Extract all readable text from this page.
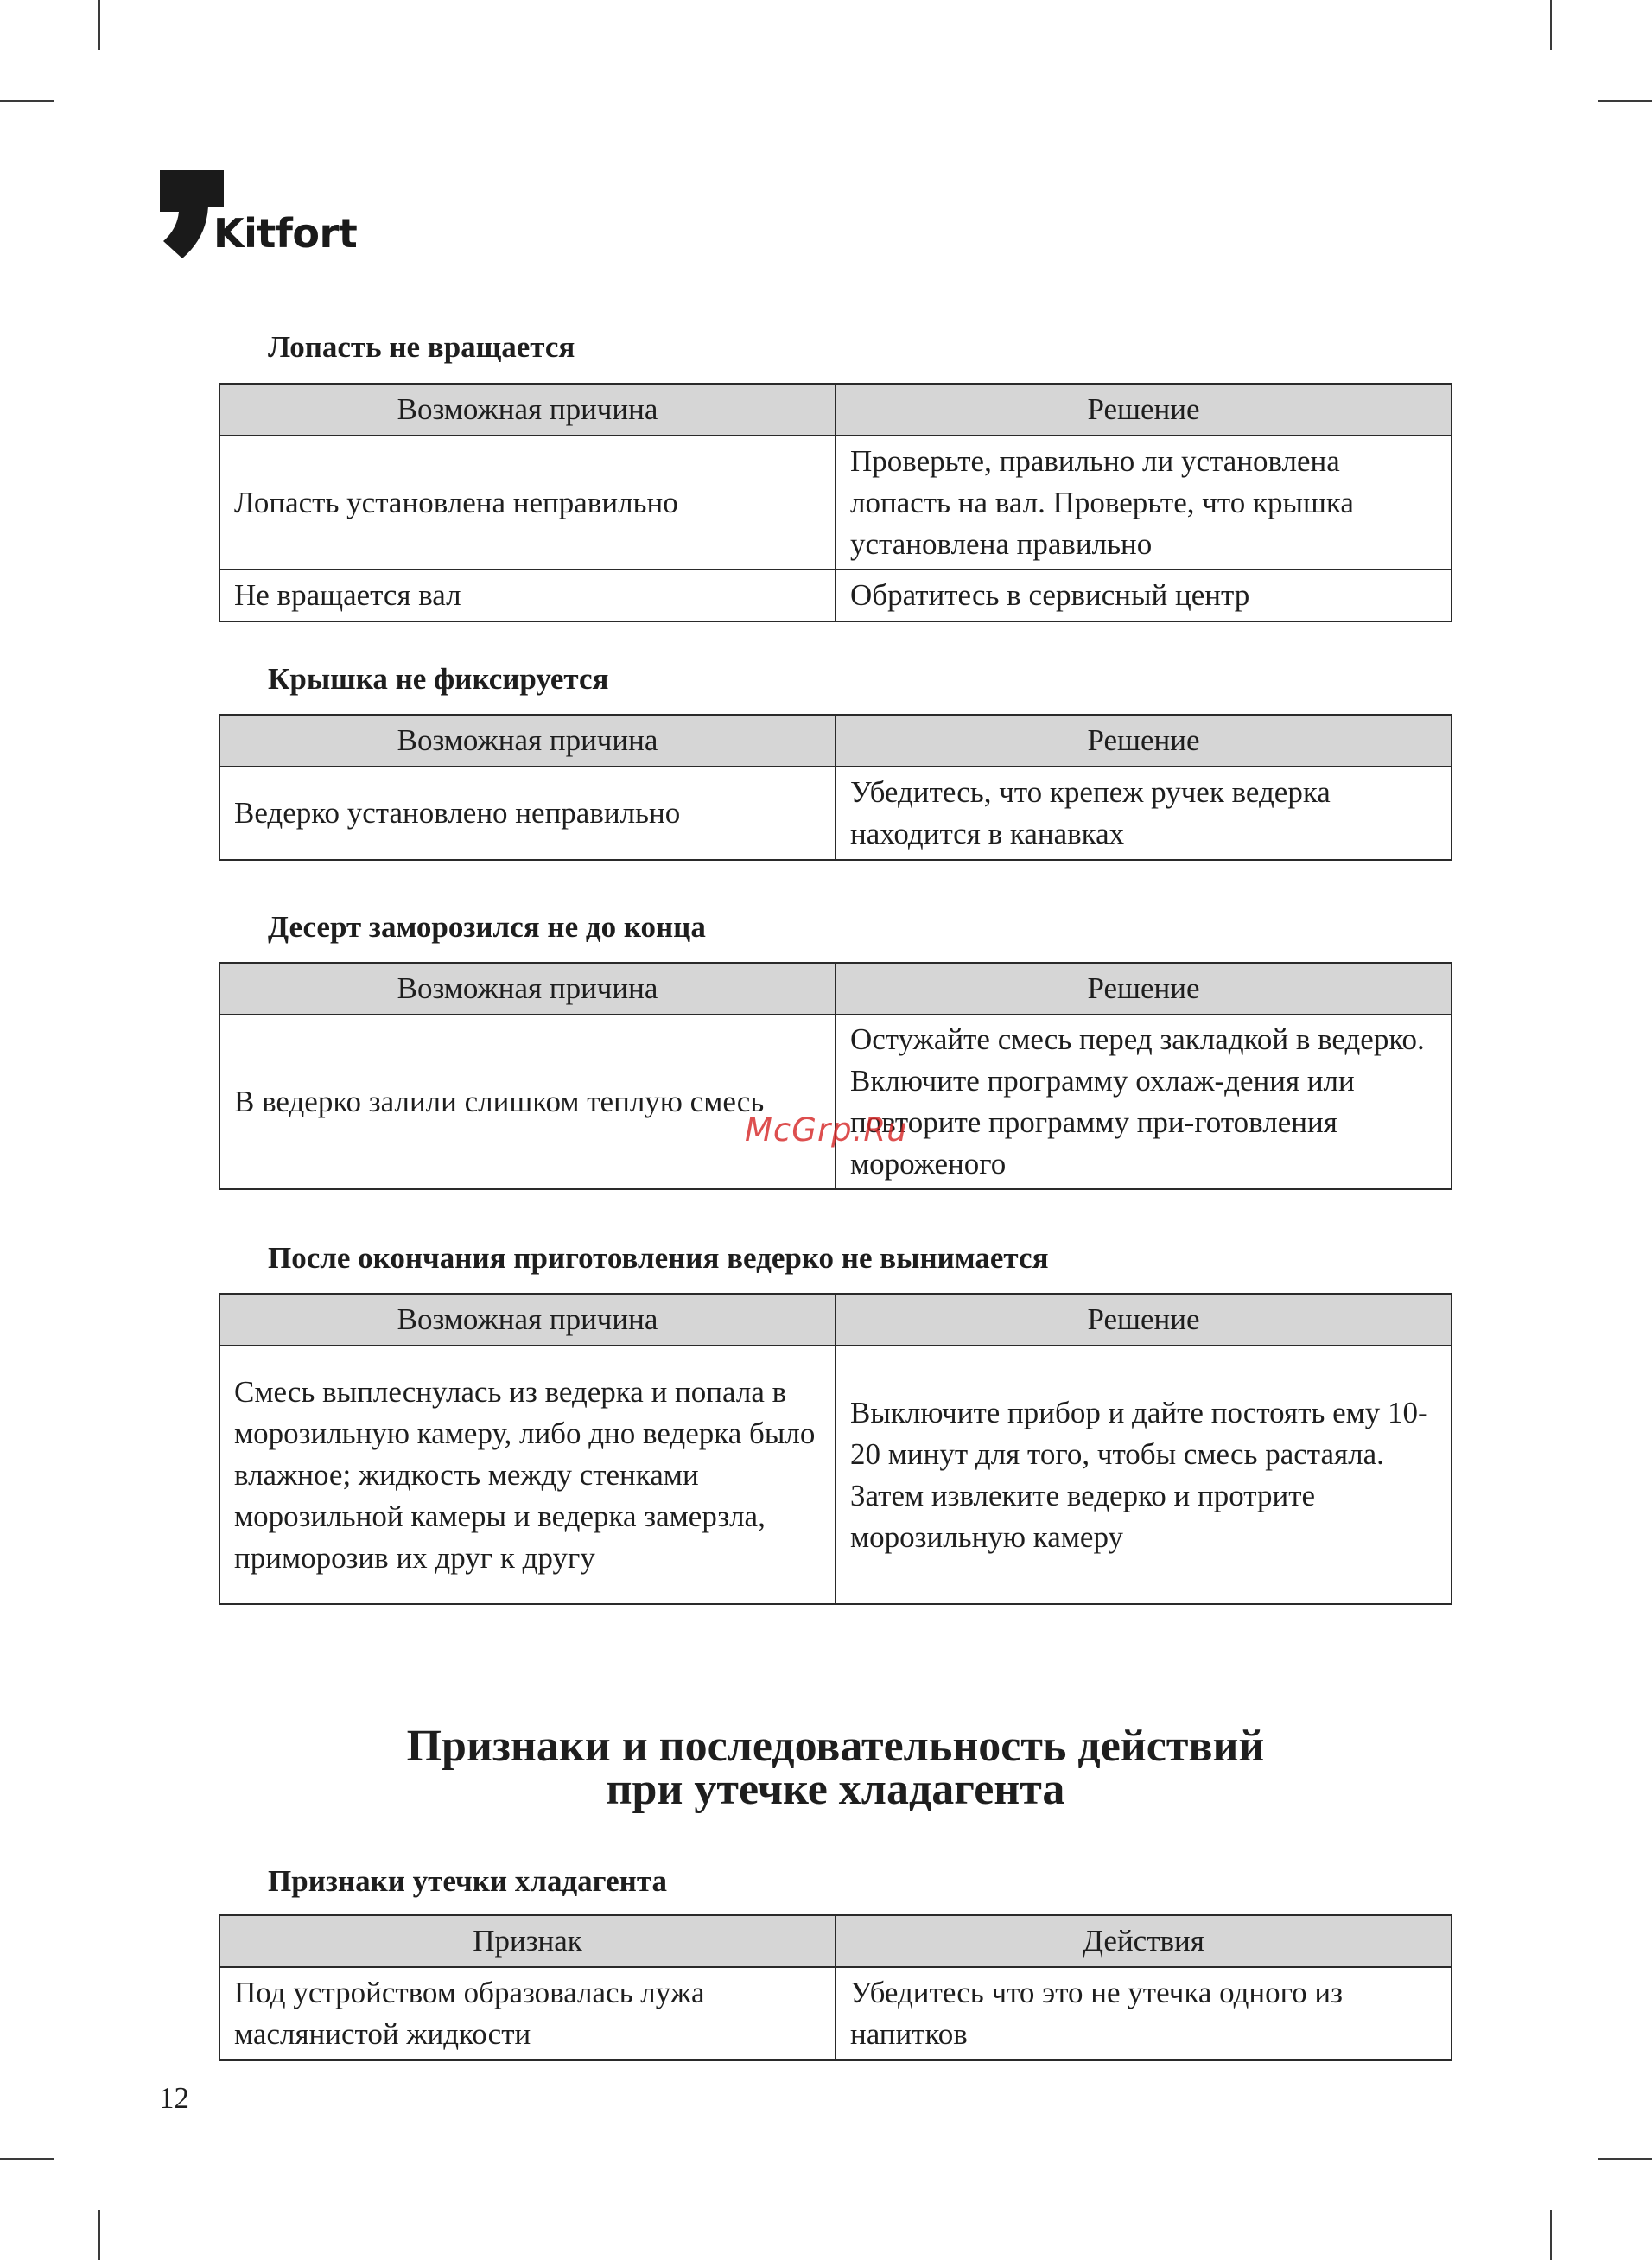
Kitfort
Лопасть не вращается
Возможная причина	Решение
Лопасть установлена неправильно	Проверьте, правильно ли установлена лопасть на вал. Проверьте, что крышка установлена правильно
Не вращается вал	Обратитесь в сервисный центр
Крышка не фиксируется
Возможная причина	Решение
Ведерко установлено неправильно	Убедитесь, что крепеж ручек ведерка находится в канавках
Десерт заморозился не до конца
Возможная причина	Решение
В ведерко залили слишком теплую смесь	Остужайте смесь перед закладкой в ведерко. Включите программу охлаж-дения или повторите программу при-готовления мороженого
McGrp.Ru
После окончания приготовления ведерко не вынимается
Возможная причина	Решение
Смесь выплеснулась из ведерка и попала в морозильную камеру, либо дно ведерка было влажное; жидкость между стенками морозильной камеры и ведерка замерзла, приморозив их друг к другу	Выключите прибор и дайте постоять ему 10-20 минут для того, чтобы смесь растаяла. Затем извлеките ведерко и протрите морозильную камеру
Признаки и последовательность действий
при утечке хладагента
Признаки утечки хладагента
Признак	Действия
Под устройством образовалась лужа маслянистой жидкости	Убедитесь что это не утечка одного из напитков
12
